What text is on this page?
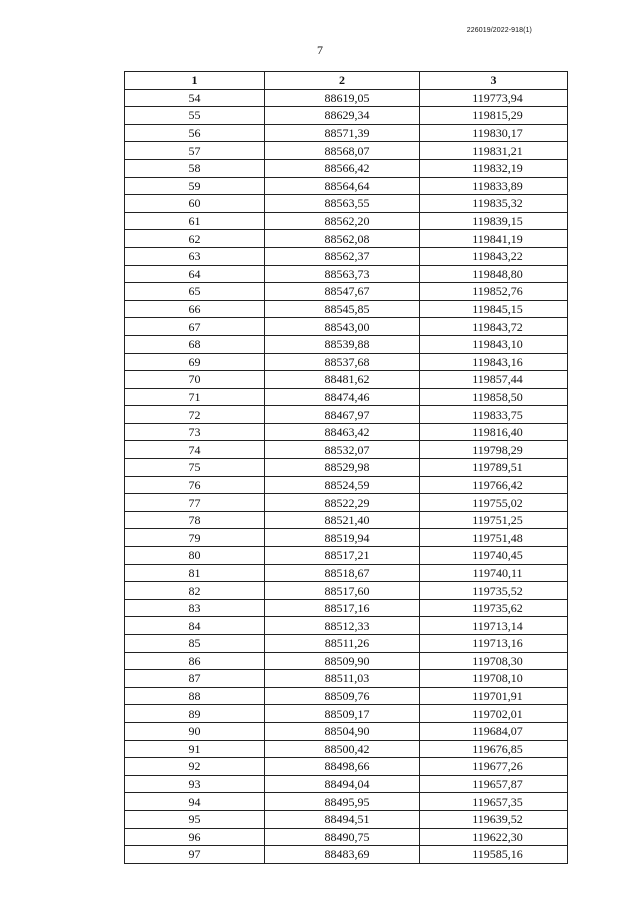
226019/2022-918(1)
7
1	2	3
54	88619,05	119773,94
55	88629,34	119815,29
56	88571,39	119830,17
57	88568,07	119831,21
58	88566,42	119832,19
59	88564,64	119833,89
60	88563,55	119835,32
61	88562,20	119839,15
62	88562,08	119841,19
63	88562,37	119843,22
64	88563,73	119848,80
65	88547,67	119852,76
66	88545,85	119845,15
67	88543,00	119843,72
68	88539,88	119843,10
69	88537,68	119843,16
70	88481,62	119857,44
71	88474,46	119858,50
72	88467,97	119833,75
73	88463,42	119816,40
74	88532,07	119798,29
75	88529,98	119789,51
76	88524,59	119766,42
77	88522,29	119755,02
78	88521,40	119751,25
79	88519,94	119751,48
80	88517,21	119740,45
81	88518,67	119740,11
82	88517,60	119735,52
83	88517,16	119735,62
84	88512,33	119713,14
85	88511,26	119713,16
86	88509,90	119708,30
87	88511,03	119708,10
88	88509,76	119701,91
89	88509,17	119702,01
90	88504,90	119684,07
91	88500,42	119676,85
92	88498,66	119677,26
93	88494,04	119657,87
94	88495,95	119657,35
95	88494,51	119639,52
96	88490,75	119622,30
97	88483,69	119585,16
